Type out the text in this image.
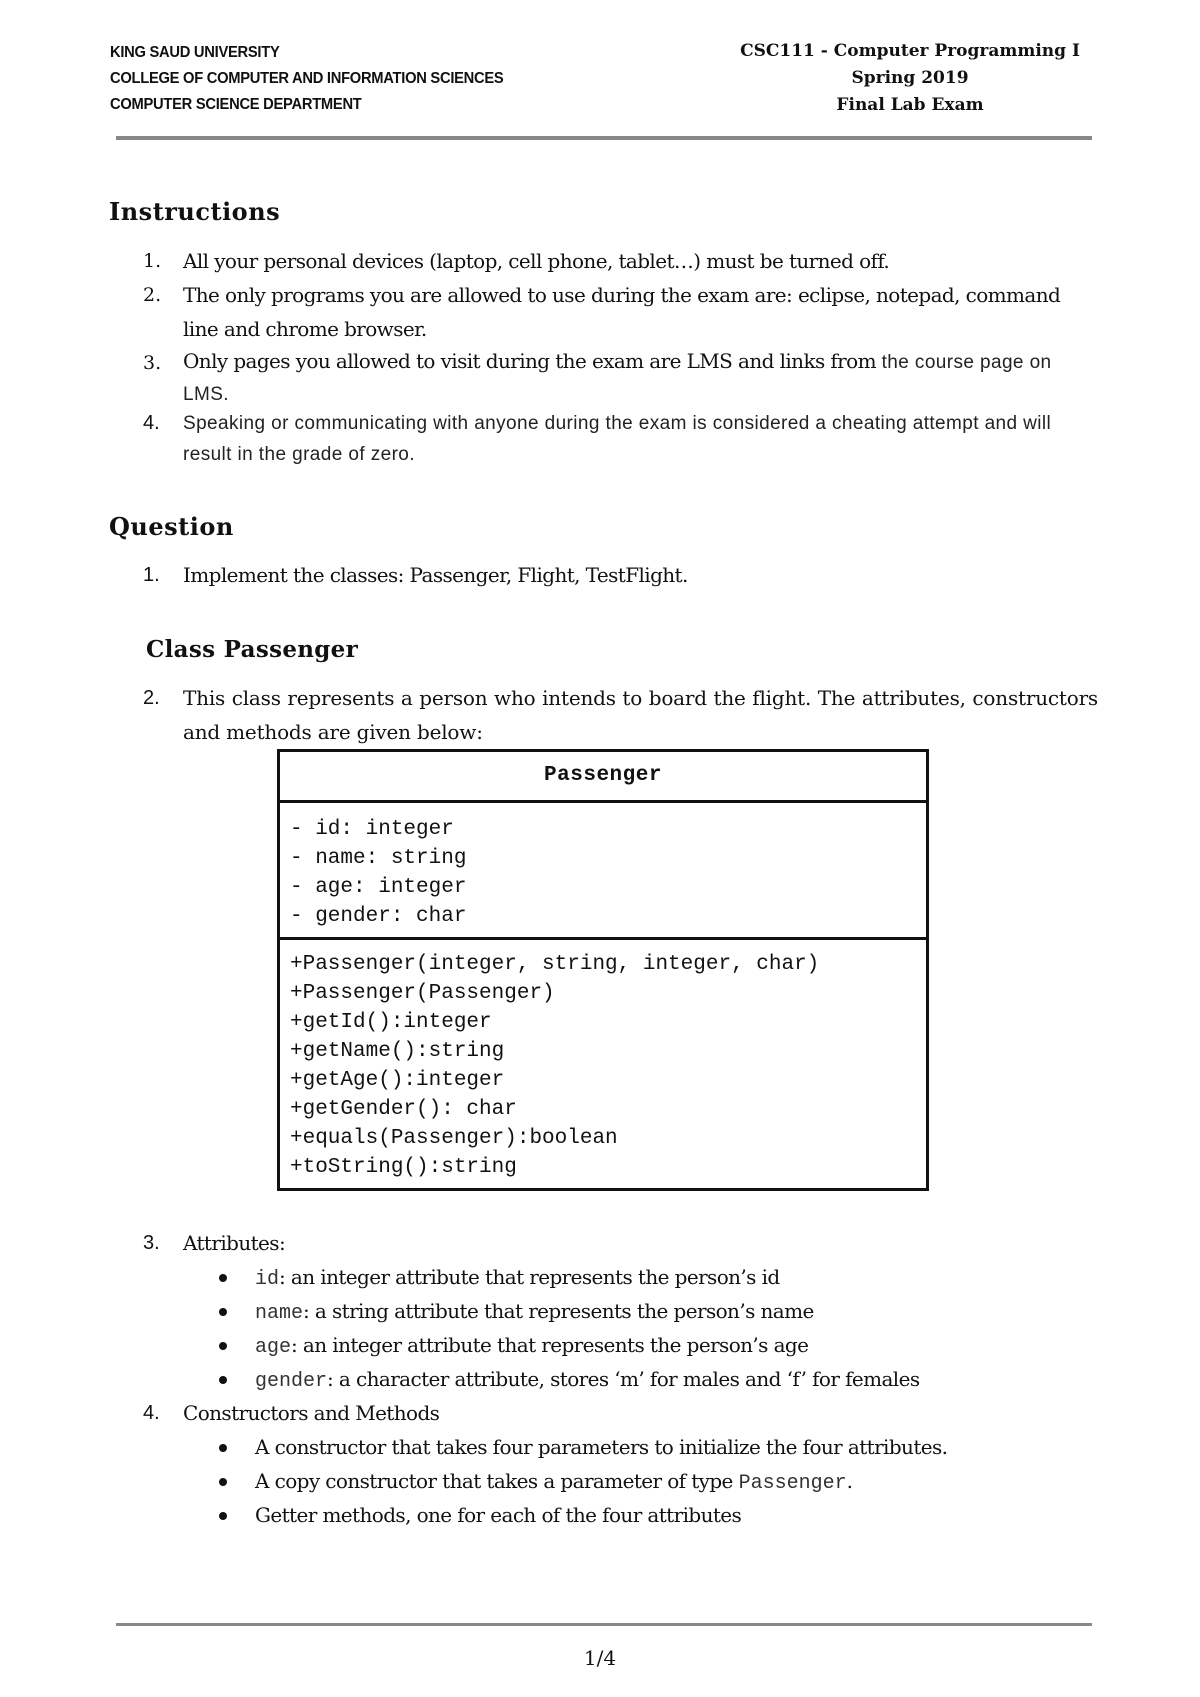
KING SAUD UNIVERSITY
COLLEGE OF COMPUTER AND INFORMATION SCIENCES
COMPUTER SCIENCE DEPARTMENT
CSC111 - Computer Programming I
Spring 2019
Final Lab Exam
Instructions
1.	All your personal devices (laptop, cell phone, tablet…) must be turned off.
2.	The only programs you are allowed to use during the exam are: eclipse, notepad, command line and chrome browser.
3.	Only pages you allowed to visit during the exam are LMS and links from the course page on LMS.
4.	Speaking or communicating with anyone during the exam is considered a cheating attempt and will result in the grade of zero.
Question
1.	Implement the classes: Passenger, Flight, TestFlight.
Class Passenger
2.	This class represents a person who intends to board the flight. The attributes, constructors and methods are given below:
Passenger
- id: integer
- name: string
- age: integer
- gender: char
+Passenger(integer, string, integer, char)
+Passenger(Passenger)
+getId():integer
+getName():string
+getAge():integer
+getGender(): char
+equals(Passenger):boolean
+toString():string
3.	Attributes:
id: an integer attribute that represents the person’s id
name: a string attribute that represents the person’s name
age: an integer attribute that represents the person’s age
gender: a character attribute, stores ‘m’ for males and ‘f’ for females
4.	Constructors and Methods
A constructor that takes four parameters to initialize the four attributes.
A copy constructor that takes a parameter of type Passenger.
Getter methods, one for each of the four attributes
1/4
